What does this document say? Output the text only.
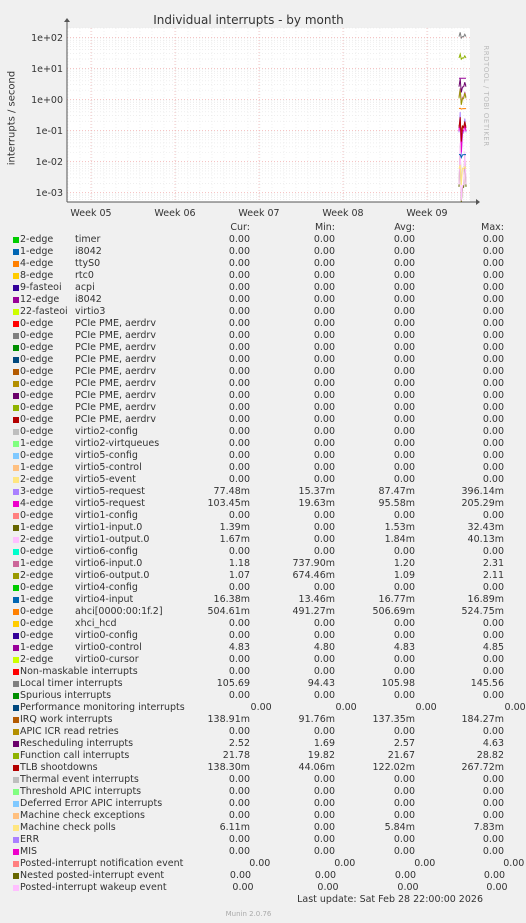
Individual interrupts - by month
interrupts / second	RRDTOOL / TOBI OETIKER
Week 05	Week 06	Week 07	Week 08	Week 09
1e+02
1e+01
1e+00
1e-01
1e-02
1e-03
Cur:	Min:	Avg:	Max:
2-edge timer	0.00	0.00	0.00	0.00
1-edge i8042	0.00	0.00	0.00	0.00
4-edge ttyS0	0.00	0.00	0.00	0.00
8-edge rtc0	0.00	0.00	0.00	0.00
9-fasteoi acpi	0.00	0.00	0.00	0.00
12-edge i8042	0.00	0.00	0.00	0.00
22-fasteoi virtio3	0.00	0.00	0.00	0.00
0-edge PCIe PME, aerdrv	0.00	0.00	0.00	0.00
0-edge PCIe PME, aerdrv	0.00	0.00	0.00	0.00
0-edge PCIe PME, aerdrv	0.00	0.00	0.00	0.00
0-edge PCIe PME, aerdrv	0.00	0.00	0.00	0.00
0-edge PCIe PME, aerdrv	0.00	0.00	0.00	0.00
0-edge PCIe PME, aerdrv	0.00	0.00	0.00	0.00
0-edge PCIe PME, aerdrv	0.00	0.00	0.00	0.00
0-edge PCIe PME, aerdrv	0.00	0.00	0.00	0.00
0-edge PCIe PME, aerdrv	0.00	0.00	0.00	0.00
0-edge virtio2-config	0.00	0.00	0.00	0.00
1-edge virtio2-virtqueues	0.00	0.00	0.00	0.00
0-edge virtio5-config	0.00	0.00	0.00	0.00
1-edge virtio5-control	0.00	0.00	0.00	0.00
2-edge virtio5-event	0.00	0.00	0.00	0.00
3-edge virtio5-request	77.48m	15.37m	87.47m	396.14m
4-edge virtio5-request	103.45m	19.63m	95.58m	205.29m
0-edge virtio1-config	0.00	0.00	0.00	0.00
1-edge virtio1-input.0	1.39m	0.00	1.53m	32.43m
2-edge virtio1-output.0	1.67m	0.00	1.84m	40.13m
0-edge virtio6-config	0.00	0.00	0.00	0.00
1-edge virtio6-input.0	1.18	737.90m	1.20	2.31
2-edge virtio6-output.0	1.07	674.46m	1.09	2.11
0-edge virtio4-config	0.00	0.00	0.00	0.00
1-edge virtio4-input	16.38m	13.46m	16.77m	16.89m
0-edge ahci[0000:00:1f.2]	504.61m	491.27m	506.69m	524.75m
0-edge xhci_hcd	0.00	0.00	0.00	0.00
0-edge virtio0-config	0.00	0.00	0.00	0.00
1-edge virtio0-control	4.83	4.80	4.83	4.85
2-edge virtio0-cursor	0.00	0.00	0.00	0.00
Non-maskable interrupts	0.00	0.00	0.00	0.00
Local timer interrupts	105.69	94.43	105.98	145.56
Spurious interrupts	0.00	0.00	0.00	0.00
Performance monitoring interrupts	0.00	0.00	0.00	0.00
IRQ work interrupts	138.91m	91.76m	137.35m	184.27m
APIC ICR read retries	0.00	0.00	0.00	0.00
Rescheduling interrupts	2.52	1.69	2.57	4.63
Function call interrupts	21.78	19.82	21.67	28.82
TLB shootdowns	138.30m	44.06m	122.02m	267.72m
Thermal event interrupts	0.00	0.00	0.00	0.00
Threshold APIC interrupts	0.00	0.00	0.00	0.00
Deferred Error APIC interrupts	0.00	0.00	0.00	0.00
Machine check exceptions	0.00	0.00	0.00	0.00
Machine check polls	6.11m	0.00	5.84m	7.83m
ERR	0.00	0.00	0.00	0.00
MIS	0.00	0.00	0.00	0.00
Posted-interrupt notification event	0.00	0.00	0.00	0.00
Nested posted-interrupt event	0.00	0.00	0.00	0.00
Posted-interrupt wakeup event	0.00	0.00	0.00	0.00
Last update: Sat Feb 28 22:00:00 2026
Munin 2.0.76
